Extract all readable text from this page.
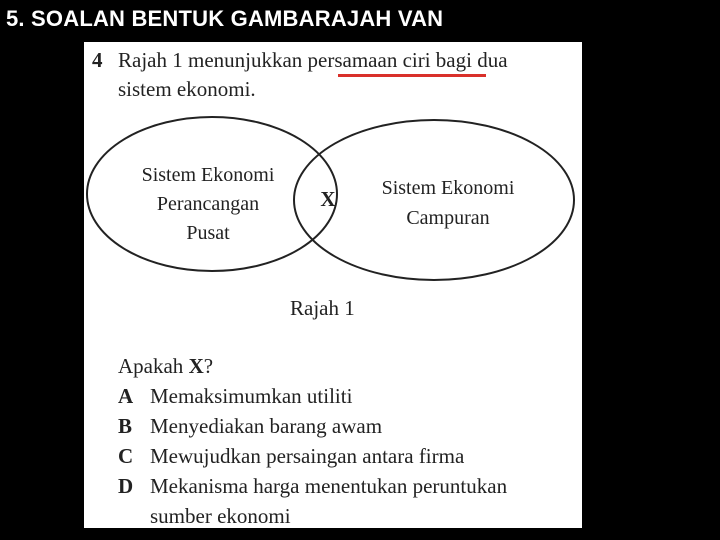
5. SOALAN BENTUK GAMBARAJAH VAN
4 Rajah 1 menunjukkan persamaan ciri bagi dua
sistem ekonomi.
Sistem Ekonomi
Perancangan
Pusat
X Sistem Ekonomi
Campuran
Rajah 1
Apakah X?
A Memaksimumkan utiliti
B Menyediakan barang awam
C Mewujudkan persaingan antara firma
D Mekanisma harga menentukan peruntukan
sumber ekonomi
